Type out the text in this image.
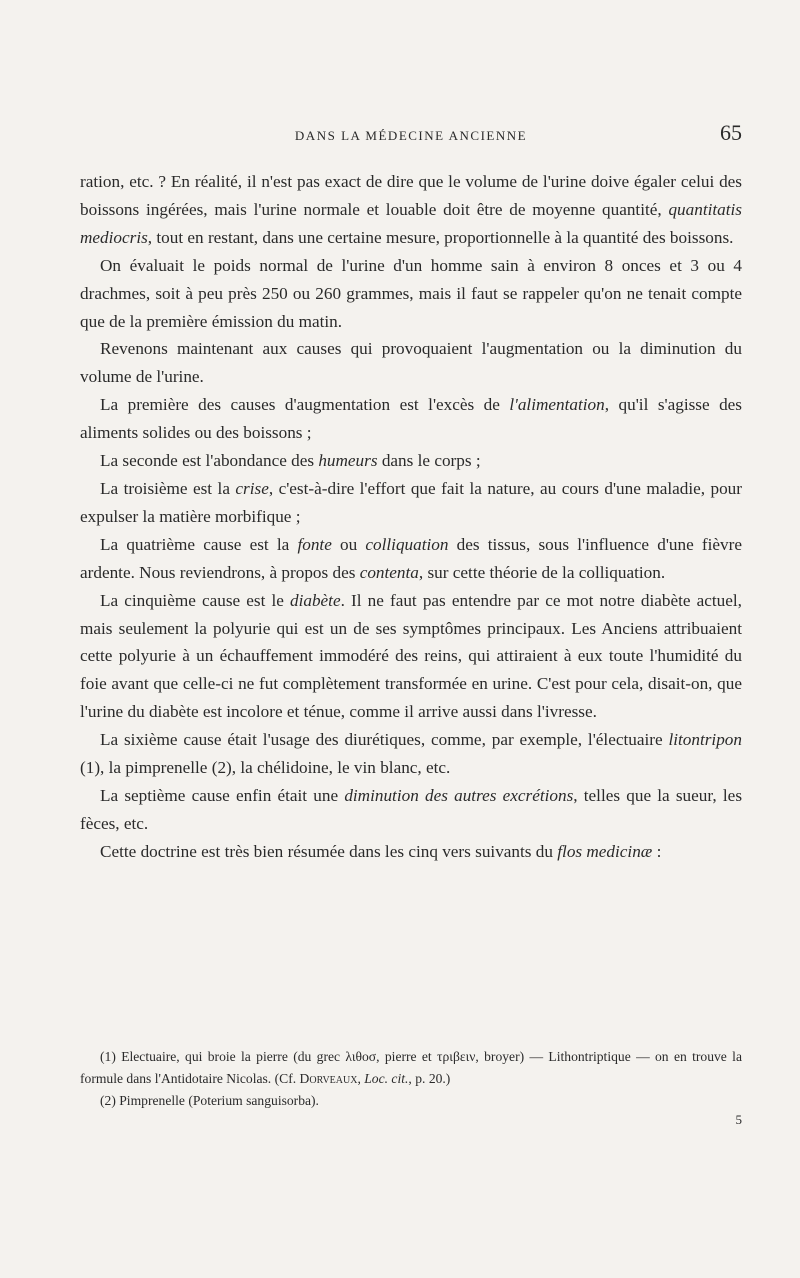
DANS LA MÉDECINE ANCIENNE	65

ration, etc. ? En réalité, il n'est pas exact de dire que le volume de l'urine doive égaler celui des boissons ingérées, mais l'urine normale et louable doit être de moyenne quantité, quantitatis mediocris, tout en restant, dans une certaine mesure, proportionnelle à la quantité des boissons.

On évaluait le poids normal de l'urine d'un homme sain à environ 8 onces et 3 ou 4 drachmes, soit à peu près 250 ou 260 grammes, mais il faut se rappeler qu'on ne tenait compte que de la première émission du matin.

Revenons maintenant aux causes qui provoquaient l'augmentation ou la diminution du volume de l'urine.

La première des causes d'augmentation est l'excès de l'alimentation, qu'il s'agisse des aliments solides ou des boissons ;

La seconde est l'abondance des humeurs dans le corps ;

La troisième est la crise, c'est-à-dire l'effort que fait la nature, au cours d'une maladie, pour expulser la matière morbifique ;

La quatrième cause est la fonte ou colliquation des tissus, sous l'influence d'une fièvre ardente. Nous reviendrons, à propos des contenta, sur cette théorie de la colliquation.

La cinquième cause est le diabète. Il ne faut pas entendre par ce mot notre diabète actuel, mais seulement la polyurie qui est un de ses symptômes principaux. Les Anciens attribuaient cette polyurie à un échauffement immodéré des reins, qui attiraient à eux toute l'humidité du foie avant que celle-ci ne fut complètement transformée en urine. C'est pour cela, disait-on, que l'urine du diabète est incolore et ténue, comme il arrive aussi dans l'ivresse.

La sixième cause était l'usage des diurétiques, comme, par exemple, l'électuaire litontripon (1), la pimprenelle (2), la chélidoine, le vin blanc, etc.

La septième cause enfin était une diminution des autres excrétions, telles que la sueur, les fèces, etc.

Cette doctrine est très bien résumée dans les cinq vers suivants du flos medicinæ :

(1) Electuaire, qui broie la pierre (du grec λιθοσ, pierre et τριβειν, broyer) — Lithontriptique — on en trouve la formule dans l'Antidotaire Nicolas. (Cf. Dorveaux, Loc. cit., p. 20.)

(2) Pimprenelle (Poterium sanguisorba).

5
